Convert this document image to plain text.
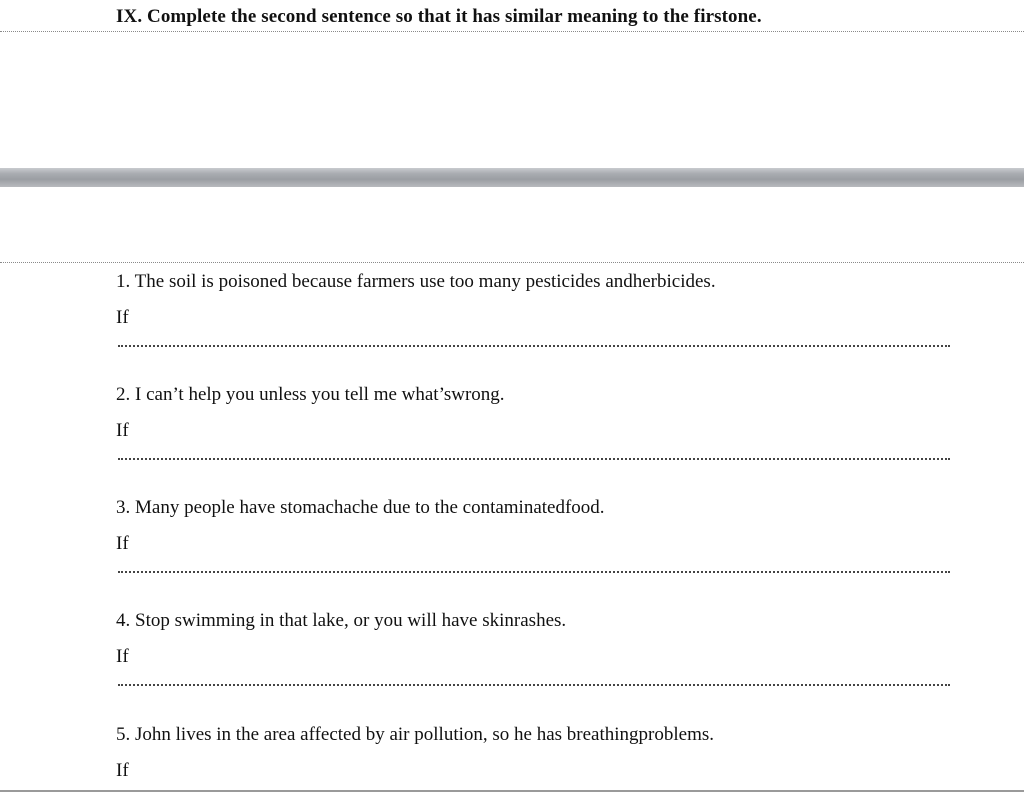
IX. Complete the second sentence so that it has similar meaning to the firstone.
1. The soil is poisoned because farmers use too many pesticides andherbicides.
If
2. I can’t help you unless you tell me what’swrong.
If
3. Many people have stomachache due to the contaminatedfood.
If
4. Stop swimming in that lake, or you will have skinrashes.
If
5. John lives in the area affected by air pollution, so he has breathingproblems.
If
